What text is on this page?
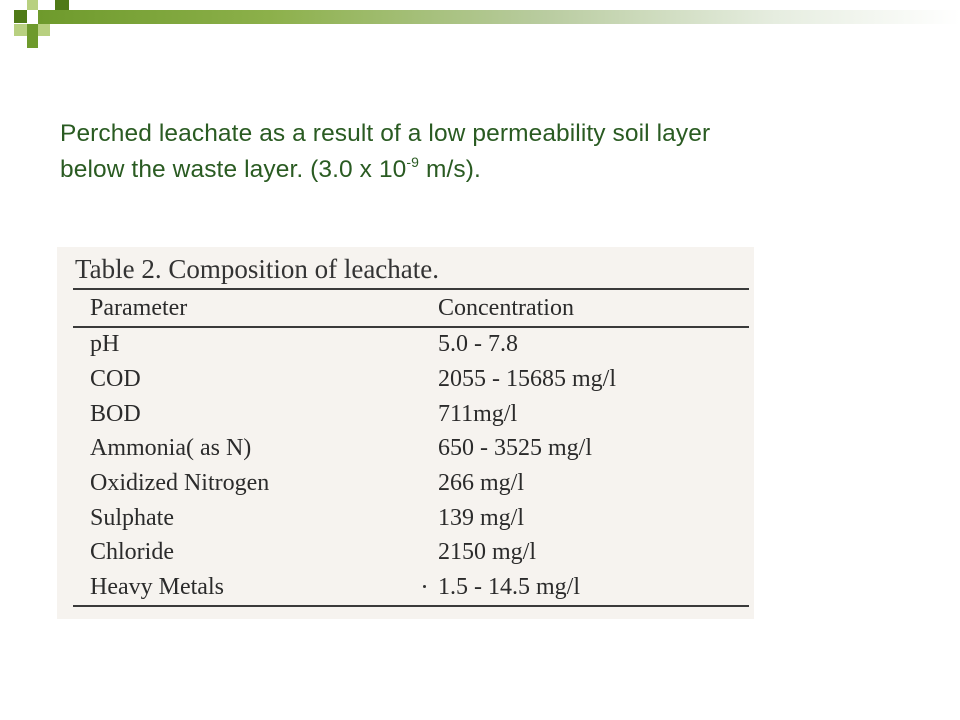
Perched leachate as a result of a low permeability soil layer
below the waste layer. (3.0 x $10^{-9}$ m/s).
Table 2. Composition of leachate.
Parameter	Concentration
pH	5.0 - 7.8
COD	2055 - 15685 mg/l
BOD	711mg/l
Ammonia( as N)	650 - 3525 mg/l
Oxidized Nitrogen	266 mg/l
Sulphate	139 mg/l
Chloride	2150 mg/l
Heavy Metals	1.5 - 14.5 mg/l
